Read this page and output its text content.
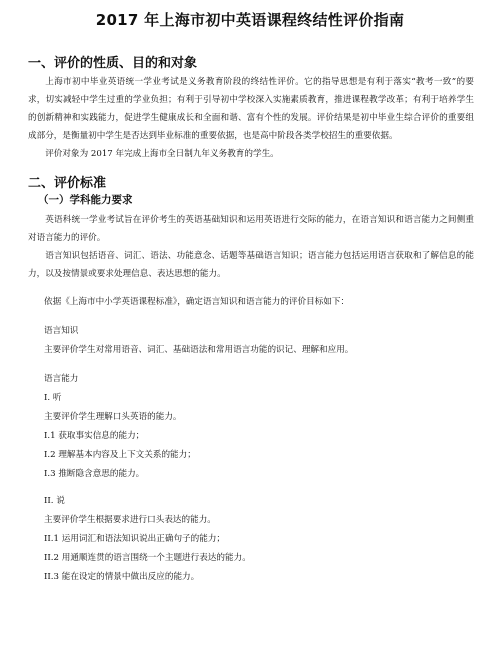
2017 年上海市初中英语课程终结性评价指南
一、评价的性质、目的和对象

上海市初中毕业英语统一学业考试是义务教育阶段的终结性评价。它的指导思想是有利于落实“教考一致”的要求，切实减轻中学生过重的学业负担；有利于引导初中学校深入实施素质教育，推进课程教学改革；有利于培养学生的创新精神和实践能力，促进学生健康成长和全面和谐、富有个性的发展。评价结果是初中毕业生综合评价的重要组成部分，是衡量初中学生是否达到毕业标准的重要依据，也是高中阶段各类学校招生的重要依据。

评价对象为 2017 年完成上海市全日制九年义务教育的学生。

二、评价标准
（一）学科能力要求

英语科统一学业考试旨在评价考生的英语基础知识和运用英语进行交际的能力，在语言知识和语言能力之间侧重对语言能力的评价。

语言知识包括语音、词汇、语法、功能意念、话题等基础语言知识；语言能力包括运用语言获取和了解信息的能力，以及按情景或要求处理信息、表达思想的能力。

依据《上海市中小学英语课程标准》，确定语言知识和语言能力的评价目标如下：
语言知识
主要评价学生对常用语音、词汇、基础语法和常用语言功能的识记、理解和应用。
语言能力
I. 听
主要评价学生理解口头英语的能力。
I.1 获取事实信息的能力；
I.2 理解基本内容及上下文关系的能力；
I.3 推断隐含意思的能力。
II. 说
主要评价学生根据要求进行口头表达的能力。
II.1 运用词汇和语法知识说出正确句子的能力；
II.2 用通顺连贯的语言围绕一个主题进行表达的能力。
II.3 能在设定的情景中做出反应的能力。
